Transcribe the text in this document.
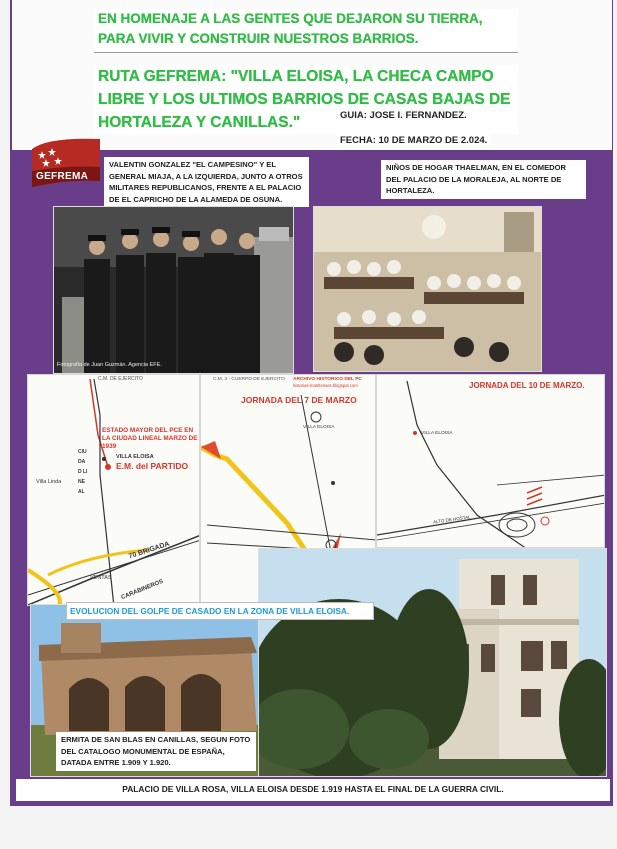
EN HOMENAJE A LAS GENTES QUE DEJARON SU TIERRA, PARA VIVIR Y CONSTRUIR NUESTROS BARRIOS.
RUTA GEFREMA: "VILLA ELOISA, LA CHECA CAMPO LIBRE Y LOS ULTIMOS BARRIOS DE CASAS BAJAS DE HORTALEZA Y CANILLAS."	GUIA: JOSE I. FERNANDEZ.
FECHA: 10 DE MARZO DE 2.024.
GEFREMA
VALENTIN GONZALEZ "EL CAMPESINO" Y EL GENERAL MIAJA, A LA IZQUIERDA, JUNTO A OTROS MILITARES REPUBLICANOS, FRENTE A EL PALACIO DE EL CAPRICHO DE LA ALAMEDA DE OSUNA.
NIÑOS DE HOGAR THAELMAN, EN EL COMEDOR DEL PALACIO DE LA MORALEJA, AL NORTE DE HORTALEZA.
Fotografía de Juan Guzmán. Agencia EFE.
C.M. DE EJERCITO
ESTADO MAYOR DEL PCE EN LA CIUDAD LINEAL MARZO DE 1939
VILLA ELOISA
E.M. del PARTIDO
Villa Linda
CIUDAD LINEAL
70 BRIGADA
VENTAS
CARABINEROS
C.M. 3 - CUERPO DE EJERCITO ARCHIVO HISTORICO DEL PC
historias-matritenses.blogspot.com
JORNADA DEL 7 DE MARZO
VILLA ELOISA
JORNADA DEL 10 DE MARZO.
VILLA ELOISA
ALTO DE HOSTAL
ERMITA DE SAN BLAS EN CANILLAS, SEGUN FOTO DEL CATALOGO MONUMENTAL DE ESPAÑA, DATADA ENTRE 1.909 Y 1.920.
EVOLUCION DEL GOLPE DE CASADO EN LA ZONA DE VILLA ELOISA.
PALACIO DE VILLA ROSA, VILLA ELOISA DESDE 1.919 HASTA EL FINAL DE LA GUERRA CIVIL.
